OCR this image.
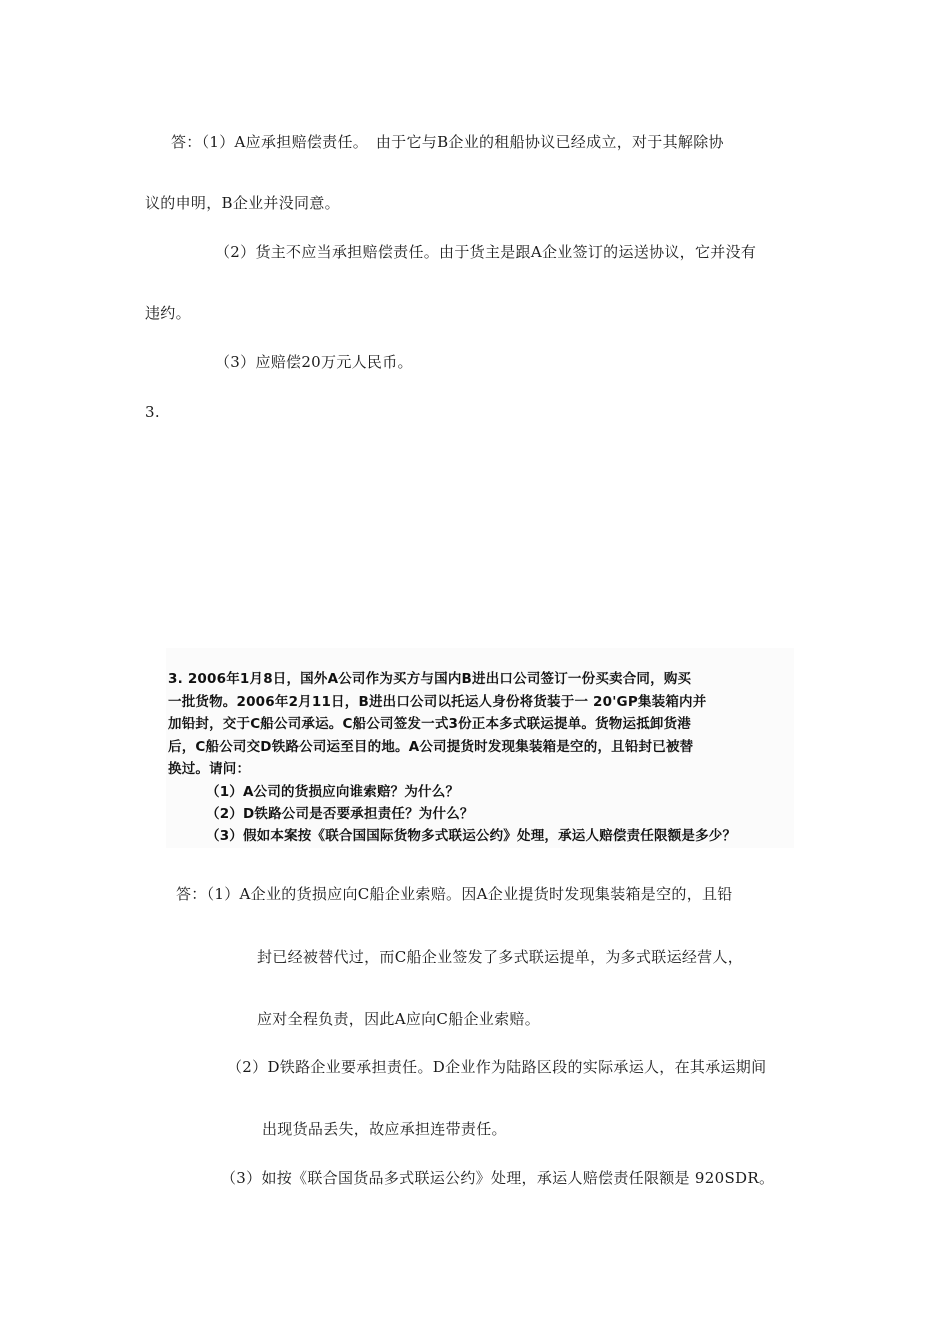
答：（1）A应承担赔偿责任。　由于它与B企业的租船协议已经成立，对于其解除协
议的申明，B企业并没同意。
（2）货主不应当承担赔偿责任。由于货主是跟A企业签订的运送协议，它并没有
违约。
（3）应赔偿20万元人民币。
3.
3. 2006年1月8日，国外A公司作为买方与国内B进出口公司签订一份买卖合同，购买
一批货物。2006年2月11日，B进出口公司以托运人身份将货装于一 20'GP集装箱内并
加铅封，交于C船公司承运。C船公司签发一式3份正本多式联运提单。货物运抵卸货港
后，C船公司交D铁路公司运至目的地。A公司提货时发现集装箱是空的，且铅封已被替
换过。请问：
（1）A公司的货损应向谁索赔？为什么？
（2）D铁路公司是否要承担责任？为什么？
（3）假如本案按《联合国国际货物多式联运公约》处理，承运人赔偿责任限额是多少？
答：（1）A企业的货损应向C船企业索赔。因A企业提货时发现集装箱是空的，且铅
封已经被替代过，而C船企业签发了多式联运提单，为多式联运经营人，
应对全程负责，因此A应向C船企业索赔。
（2）D铁路企业要承担责任。D企业作为陆路区段的实际承运人，在其承运期间
出现货品丢失，故应承担连带责任。
（3）如按《联合国货品多式联运公约》处理，承运人赔偿责任限额是 920SDR。
